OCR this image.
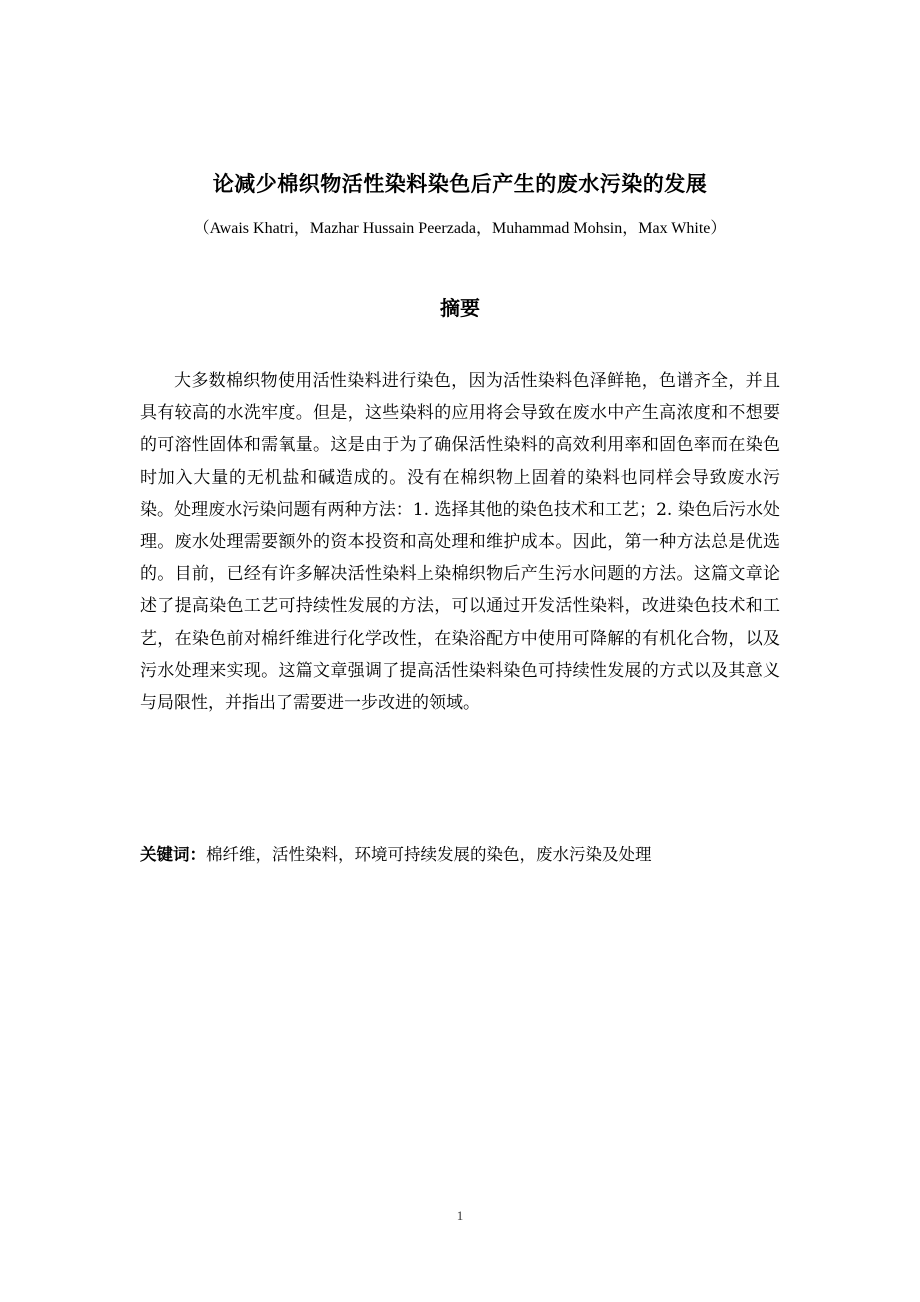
论减少棉织物活性染料染色后产生的废水污染的发展

（Awais Khatri，Mazhar Hussain Peerzada，Muhammad Mohsin，Max White）

摘要

大多数棉织物使用活性染料进行染色，因为活性染料色泽鲜艳，色谱齐全，并且具有较高的水洗牢度。但是，这些染料的应用将会导致在废水中产生高浓度和不想要的可溶性固体和需氧量。这是由于为了确保活性染料的高效利用率和固色率而在染色时加入大量的无机盐和碱造成的。没有在棉织物上固着的染料也同样会导致废水污染。处理废水污染问题有两种方法：1. 选择其他的染色技术和工艺；2. 染色后污水处理。废水处理需要额外的资本投资和高处理和维护成本。因此，第一种方法总是优选的。目前，已经有许多解决活性染料上染棉织物后产生污水问题的方法。这篇文章论述了提高染色工艺可持续性发展的方法，可以通过开发活性染料，改进染色技术和工艺，在染色前对棉纤维进行化学改性，在染浴配方中使用可降解的有机化合物，以及污水处理来实现。这篇文章强调了提高活性染料染色可持续性发展的方式以及其意义与局限性，并指出了需要进一步改进的领域。

关键词：棉纤维，活性染料，环境可持续发展的染色，废水污染及处理

1
